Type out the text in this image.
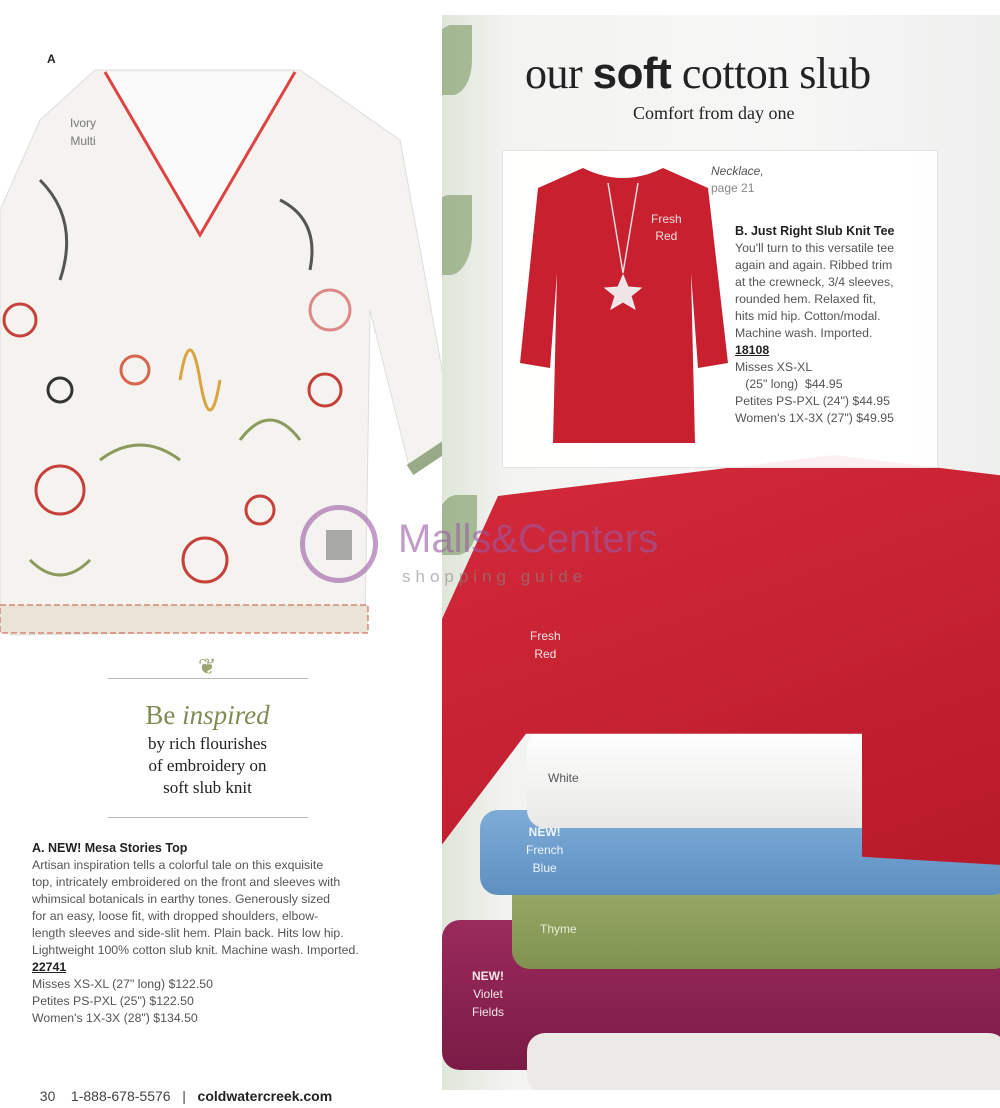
A
Ivory
Multi
❦
Be inspired
by rich flourishes
of embroidery on
soft slub knit
A. NEW! Mesa Stories Top
Artisan inspiration tells a colorful tale on this exquisite
top, intricately embroidered on the front and sleeves with
whimsical botanicals in earthy tones. Generously sized
for an easy, loose fit, with dropped shoulders, elbow-
length sleeves and side-slit hem. Plain back. Hits low hip.
Lightweight 100% cotton slub knit. Machine wash. Imported.
22741
Misses XS-XL (27" long) $122.50
Petites PS-PXL (25") $122.50
Women's 1X-3X (28") $134.50

30 1-888-678-5576 | coldwatercreek.com

Fresh
Red
White
NEW!
French
Blue
Thyme
NEW!
Violet
Fields
our soft cotton slub
Comfort from day one
Fresh
Red
Necklace,
page 21
B. Just Right Slub Knit Tee
You'll turn to this versatile tee
again and again. Ribbed trim
at the crewneck, 3/4 sleeves,
rounded hem. Relaxed fit,
hits mid hip. Cotton/modal.
Machine wash. Imported.
18108
Misses XS-XL
(25" long)  $44.95
Petites PS-PXL (24") $44.95
Women's 1X-3X (27") $49.95
Malls&Centers
shopping guide
